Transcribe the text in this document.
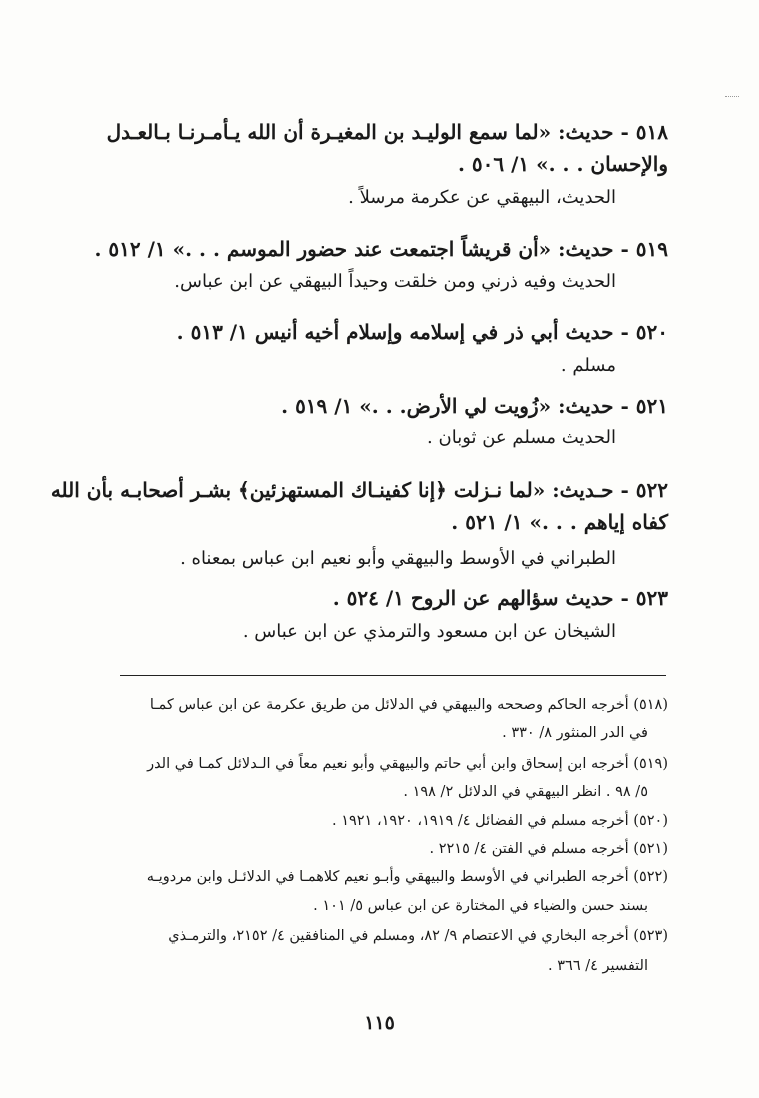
٥١٨ - حديث: «لما سمع الوليـد بن المغيـرة أن الله يـأمـرنـا بـالعـدل
والإحسان . . .» ١/ ٥٠٦ .
الحديث، البيهقي عن عكرمة مرسلاً .
٥١٩ - حديث: «أن قريشاً اجتمعت عند حضور الموسم . . .» ١/ ٥١٢ .
الحديث وفيه ذرني ومن خلقت وحيداً البيهقي عن ابن عباس.
٥٢٠ - حديث أبي ذر في إسلامه وإسلام أخيه أنيس ١/ ٥١٣ .
مسلم .
٥٢١ - حديث: «زُويت لي الأرض. . .» ١/ ٥١٩ .
الحديث مسلم عن ثوبان .
٥٢٢ - حـديث: «لما نـزلت ﴿إنا كفينـاك المستهزئين﴾ بشـر أصحابـه بأن الله
كفاه إياهم . . .» ١/ ٥٢١ .
الطبراني في الأوسط والبيهقي وأبو نعيم ابن عباس بمعناه .
٥٢٣ - حديث سؤالهم عن الروح ١/ ٥٢٤ .
الشيخان عن ابن مسعود والترمذي عن ابن عباس .
(٥١٨) أخرجه الحاكم وصححه والبيهقي في الدلائل من طريق عكرمة عن ابن عباس كمـا
في الدر المنثور ٨/ ٣٣٠ .
(٥١٩) أخرجه ابن إسحاق وابن أبي حاتم والبيهقي وأبو نعيم معاً في الـدلائل كمـا في الدر
٥/ ٩٨ . انظر البيهقي في الدلائل ٢/ ١٩٨ .
(٥٢٠) أخرجه مسلم في الفضائل ٤/ ١٩١٩، ١٩٢٠، ١٩٢١ .
(٥٢١) أخرجه مسلم في الفتن ٤/ ٢٢١٥ .
(٥٢٢) أخرجه الطبراني في الأوسط والبيهقي وأبـو نعيم كلاهمـا في الدلائـل وابن مردويـه
بسند حسن والضياء في المختارة عن ابن عباس ٥/ ١٠١ .
(٥٢٣) أخرجه البخاري في الاعتصام ٩/ ٨٢، ومسلم في المنافقين ٤/ ٢١٥٢، والترمـذي
التفسير ٤/ ٣٦٦ .
١١٥
